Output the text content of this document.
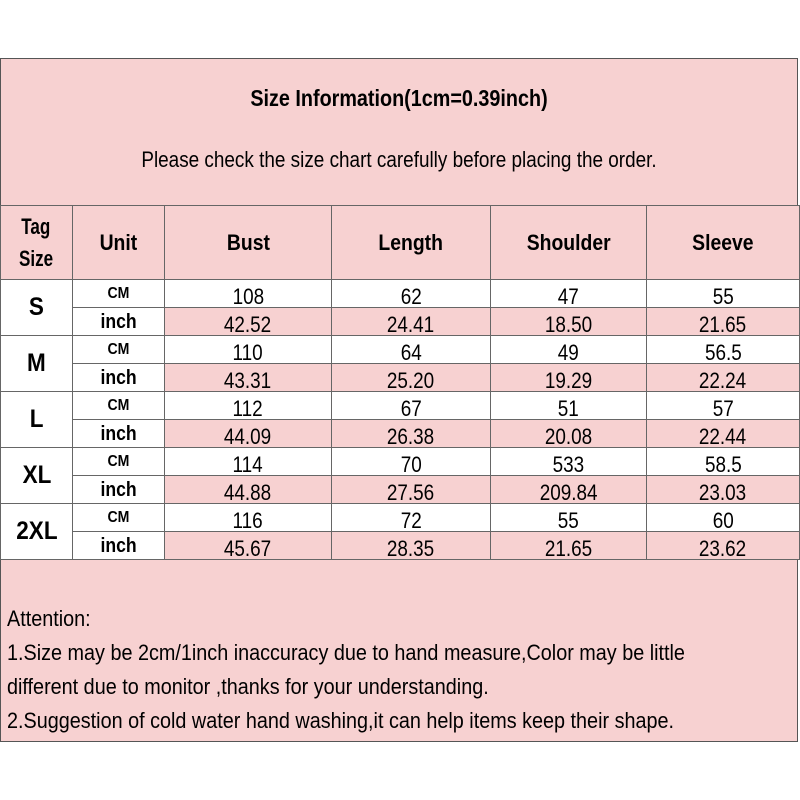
Size Information(1cm=0.39inch)
Please check the size chart carefully before placing the order.
Tag
Size	Unit	Bust	Length	Shoulder	Sleeve
S	CM	108	62	47	55
	inch	42.52	24.41	18.50	21.65
M	CM	110	64	49	56.5
	inch	43.31	25.20	19.29	22.24
L	CM	112	67	51	57
	inch	44.09	26.38	20.08	22.44
XL	CM	114	70	533	58.5
	inch	44.88	27.56	209.84	23.03
2XL	CM	116	72	55	60
	inch	45.67	28.35	21.65	23.62
Attention:
1.Size may be 2cm/1inch inaccuracy due to hand measure,Color may be little
different due to monitor ,thanks for your understanding.
2.Suggestion of cold water hand washing,it can help items keep their shape.
